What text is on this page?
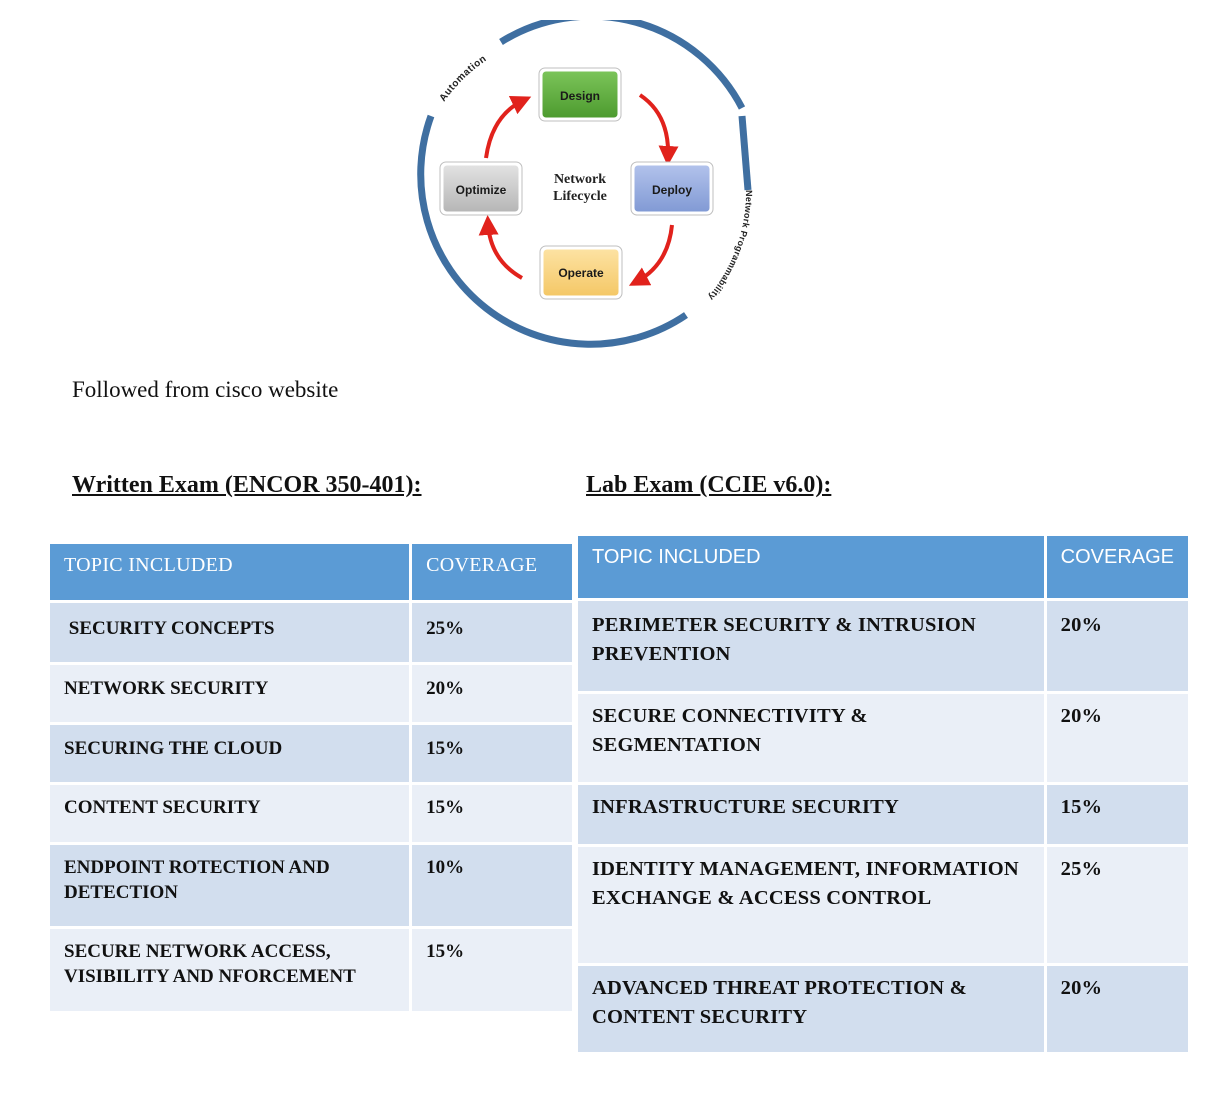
Automation
Network Programmability
Design
Deploy
Operate
Optimize
Network
Lifecycle
Followed from cisco website
Written Exam (ENCOR 350-401):	Lab Exam (CCIE v6.0):
TOPIC INCLUDED	COVERAGE

SECURITY CONCEPTS	25%

NETWORK SECURITY	20%

SECURING THE CLOUD	15%

CONTENT SECURITY	15%

ENDPOINT ROTECTION AND DETECTION	10%

SECURE NETWORK ACCESS, VISIBILITY AND NFORCEMENT	15%
TOPIC INCLUDED	COVERAGE

PERIMETER SECURITY & INTRUSION PREVENTION	20%

SECURE CONNECTIVITY & SEGMENTATION	20%

INFRASTRUCTURE SECURITY	15%

IDENTITY MANAGEMENT, INFORMATION EXCHANGE & ACCESS CONTROL	25%

ADVANCED THREAT PROTECTION & CONTENT SECURITY	20%
